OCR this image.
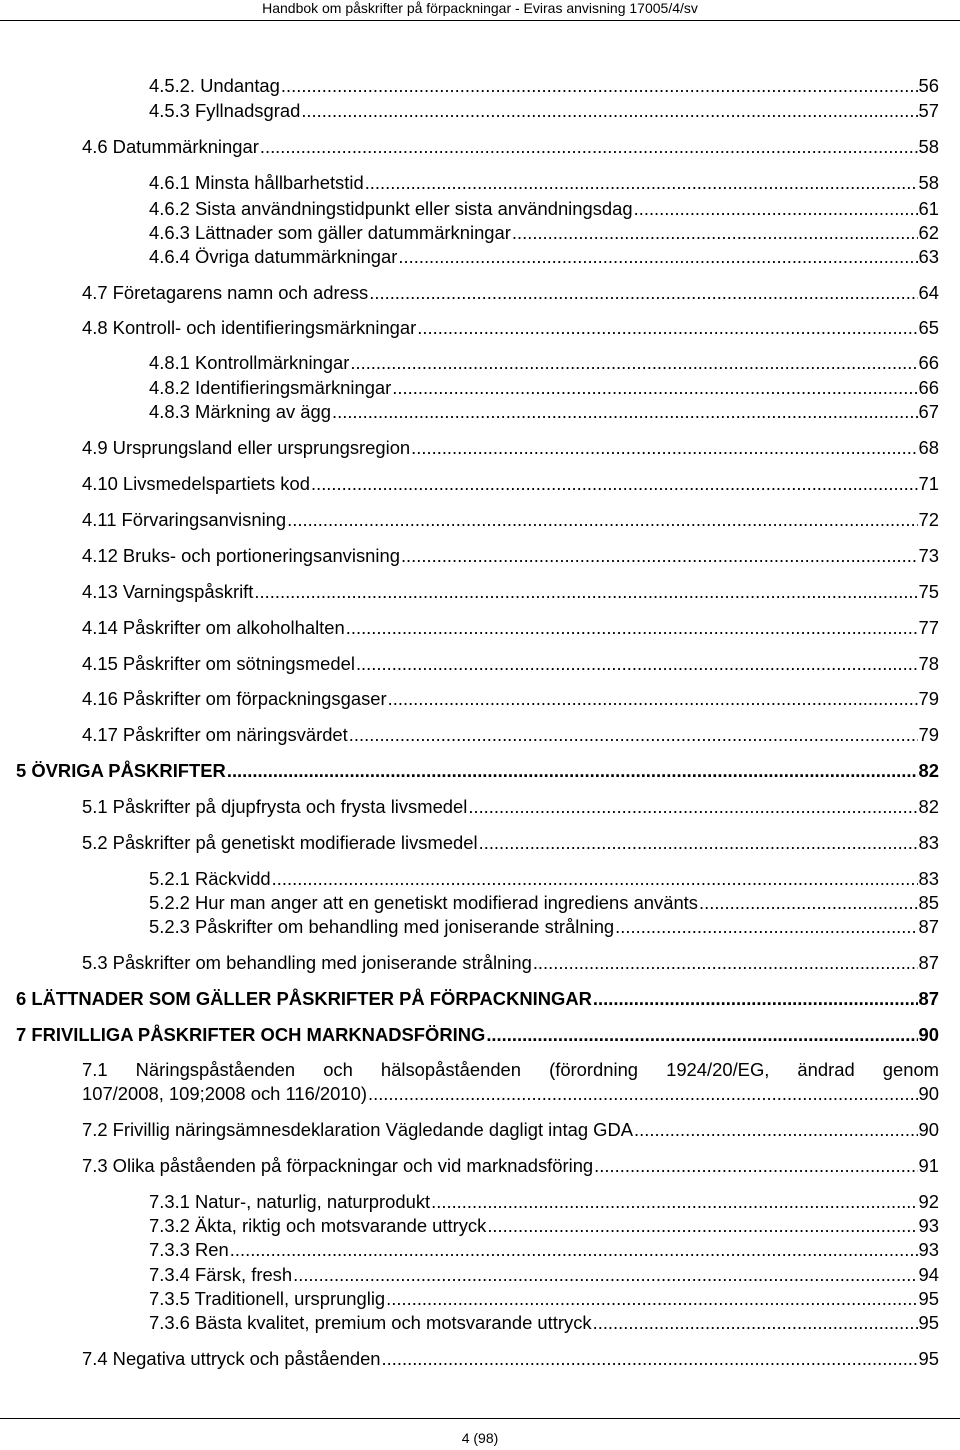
Handbok om påskrifter på förpackningar - Eviras anvisning 17005/4/sv
4.5.2. Undantag .....	56
4.5.3 Fyllnadsgrad .....	57
4.6 Datummärkningar .....	58
4.6.1 Minsta hållbarhetstid .....	58
4.6.2 Sista användningstidpunkt eller sista användningsdag .....	61
4.6.3 Lättnader som gäller datummärkningar .....	62
4.6.4 Övriga datummärkningar .....	63
4.7 Företagarens namn och adress .....	64
4.8 Kontroll- och identifieringsmärkningar .....	65
4.8.1 Kontrollmärkningar .....	66
4.8.2 Identifieringsmärkningar .....	66
4.8.3 Märkning av ägg .....	67
4.9 Ursprungsland eller ursprungsregion .....	68
4.10 Livsmedelspartiets kod .....	71
4.11 Förvaringsanvisning .....	72
4.12 Bruks- och portioneringsanvisning .....	73
4.13 Varningspåskrift .....	75
4.14 Påskrifter om alkoholhalten .....	77
4.15 Påskrifter om sötningsmedel .....	78
4.16 Påskrifter om förpackningsgaser .....	79
4.17 Påskrifter om näringsvärdet .....	79
5 ÖVRIGA PÅSKRIFTER .....	82
5.1 Påskrifter på djupfrysta och frysta livsmedel .....	82
5.2 Påskrifter på genetiskt modifierade livsmedel .....	83
5.2.1 Räckvidd .....	83
5.2.2 Hur man anger att en genetiskt modifierad ingrediens använts .....	85
5.2.3 Påskrifter om behandling med joniserande strålning .....	87
5.3 Påskrifter om behandling med joniserande strålning .....	87
6 LÄTTNADER SOM GÄLLER PÅSKRIFTER PÅ FÖRPACKNINGAR .....	87
7 FRIVILLIGA PÅSKRIFTER OCH MARKNADSFÖRING .....	90
7.1 Näringspåståenden och hälsopåståenden (förordning 1924/20/EG, ändrad genom
107/2008, 109;2008 och 116/2010) .....	90
7.2 Frivillig näringsämnesdeklaration Vägledande dagligt intag GDA .....	90
7.3 Olika påståenden på förpackningar och vid marknadsföring .....	91
7.3.1 Natur-, naturlig, naturprodukt .....	92
7.3.2 Äkta, riktig och motsvarande uttryck .....	93
7.3.3 Ren .....	93
7.3.4 Färsk, fresh .....	94
7.3.5 Traditionell, ursprunglig .....	95
7.3.6 Bästa kvalitet, premium och motsvarande uttryck .....	95
7.4 Negativa uttryck och påståenden .....	95
4 (98)
